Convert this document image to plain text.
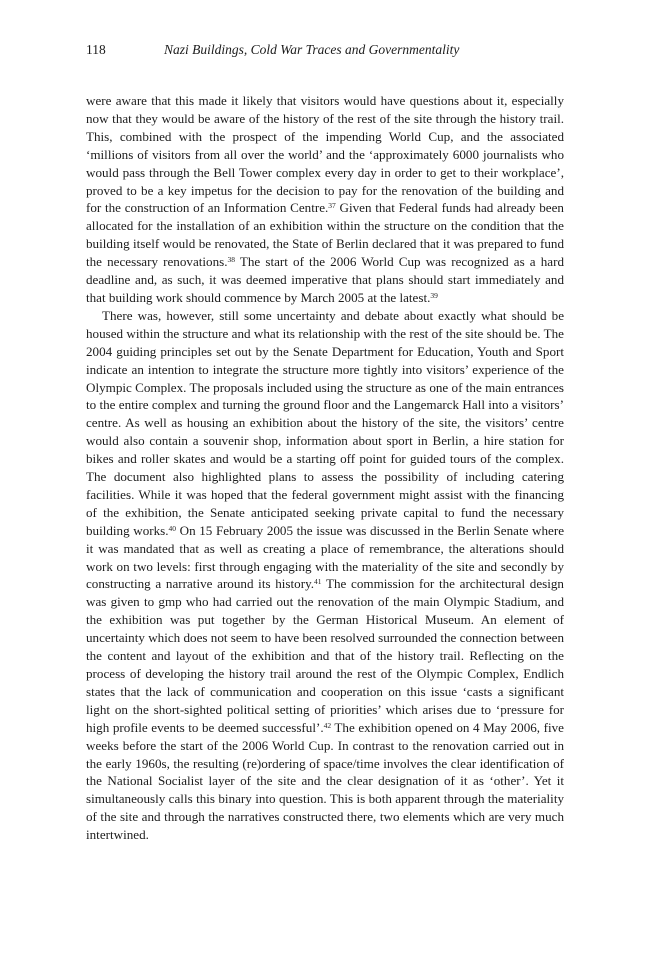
118	Nazi Buildings, Cold War Traces and Governmentality

were aware that this made it likely that visitors would have questions about it, especially now that they would be aware of the history of the rest of the site through the history trail. This, combined with the prospect of the impending World Cup, and the associated ‘millions of visitors from all over the world’ and the ‘approximately 6000 journalists who would pass through the Bell Tower complex every day in order to get to their workplace’, proved to be a key impetus for the decision to pay for the renovation of the building and for the construction of an Information Centre.$^{37}$ Given that Federal funds had already been allocated for the installation of an exhibition within the structure on the condition that the building itself would be renovated, the State of Berlin declared that it was prepared to fund the necessary renovations.$^{38}$ The start of the 2006 World Cup was recognized as a hard deadline and, as such, it was deemed imperative that plans should start immediately and that building work should commence by March 2005 at the latest.$^{39}$

There was, however, still some uncertainty and debate about exactly what should be housed within the structure and what its relationship with the rest of the site should be. The 2004 guiding principles set out by the Senate Department for Education, Youth and Sport indicate an intention to integrate the structure more tightly into visitors’ experience of the Olympic Complex. The proposals included using the structure as one of the main entrances to the entire complex and turning the ground floor and the Langemarck Hall into a visitors’ centre. As well as housing an exhibition about the history of the site, the visitors’ centre would also contain a souvenir shop, information about sport in Berlin, a hire station for bikes and roller skates and would be a starting off point for guided tours of the complex. The document also highlighted plans to assess the possibility of including catering facilities. While it was hoped that the federal government might assist with the financing of the exhibition, the Senate anticipated seeking private capital to fund the necessary building works.$^{40}$ On 15 February 2005 the issue was discussed in the Berlin Senate where it was mandated that as well as creating a place of remembrance, the alterations should work on two levels: first through engaging with the materiality of the site and secondly by constructing a narrative around its history.$^{41}$ The commission for the architectural design was given to gmp who had carried out the renovation of the main Olympic Stadium, and the exhibition was put together by the German Historical Museum. An element of uncertainty which does not seem to have been resolved surrounded the connection between the content and layout of the exhibition and that of the history trail. Reflecting on the process of developing the history trail around the rest of the Olympic Complex, Endlich states that the lack of communication and cooperation on this issue ‘casts a significant light on the short-sighted political setting of priorities’ which arises due to ‘pressure for high profile events to be deemed successful’.$^{42}$ The exhibition opened on 4 May 2006, five weeks before the start of the 2006 World Cup. In contrast to the renovation carried out in the early 1960s, the resulting (re)ordering of space/time involves the clear identification of the National Socialist layer of the site and the clear designation of it as ‘other’. Yet it simultaneously calls this binary into question. This is both apparent through the materiality of the site and through the narratives constructed there, two elements which are very much intertwined.
